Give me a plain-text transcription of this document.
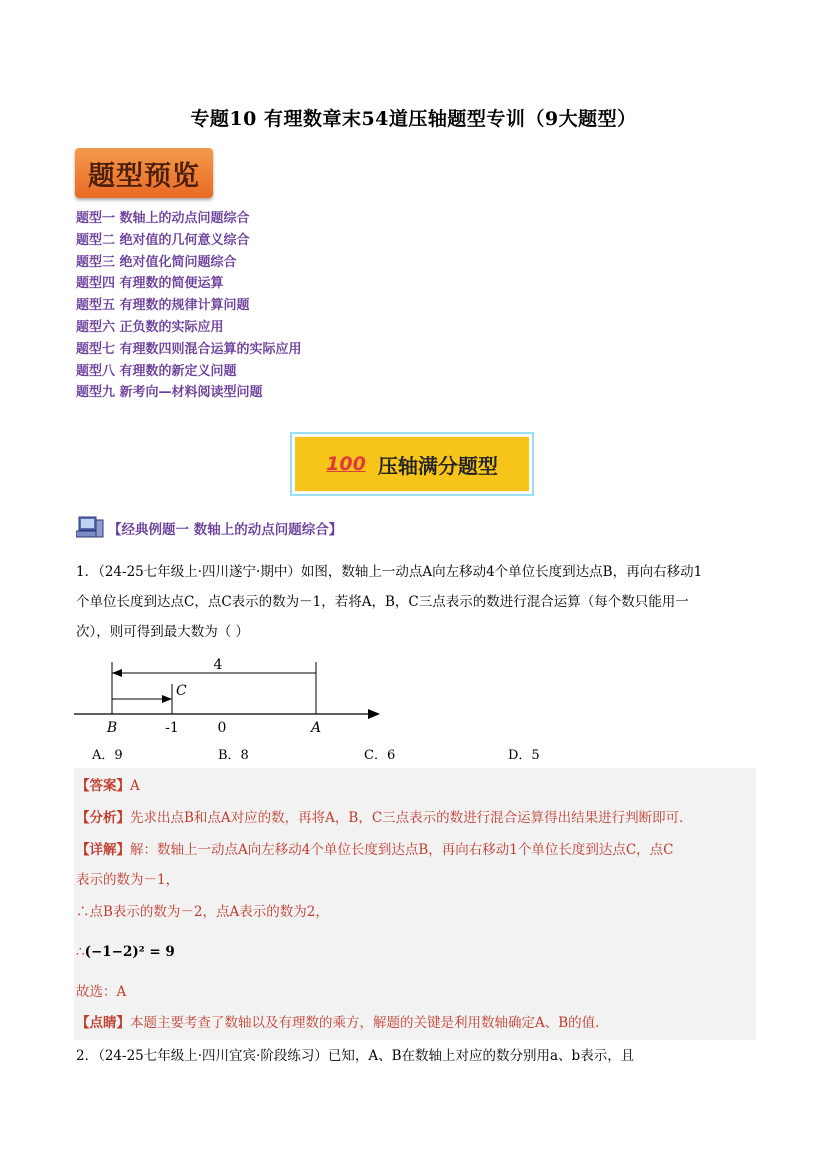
专题10 有理数章末54道压轴题型专训（9大题型）
题型预览
题型一 数轴上的动点问题综合
题型二 绝对值的几何意义综合
题型三 绝对值化简问题综合
题型四 有理数的简便运算
题型五 有理数的规律计算问题
题型六 正负数的实际应用
题型七 有理数四则混合运算的实际应用
题型八 有理数的新定义问题
题型九 新考向—材料阅读型问题
100 压轴满分题型
【经典例题一 数轴上的动点问题综合】
1．（24-25七年级上·四川遂宁·期中）如图，数轴上一动点A向左移动4个单位长度到达点B，再向右移动1
个单位长度到达点C，点C表示的数为－1，若将A，B，C三点表示的数进行混合运算（每个数只能用一
次），则可得到最大数为（ ）
4
C
B	-1	0	A
A．9	B．8	C．6	D．5
【答案】A
【分析】先求出点B和点A对应的数，再将A，B，C三点表示的数进行混合运算得出结果进行判断即可．
【详解】解：数轴上一动点A向左移动4个单位长度到达点B，再向右移动1个单位长度到达点C，点C
表示的数为－1，
∴点B表示的数为－2，点A表示的数为2，
∴(−1−2)² = 9
故选：A
【点睛】本题主要考查了数轴以及有理数的乘方，解题的关键是利用数轴确定A、B的值．
2．（24-25七年级上·四川宜宾·阶段练习）已知，A、B在数轴上对应的数分别用a、b表示，且
